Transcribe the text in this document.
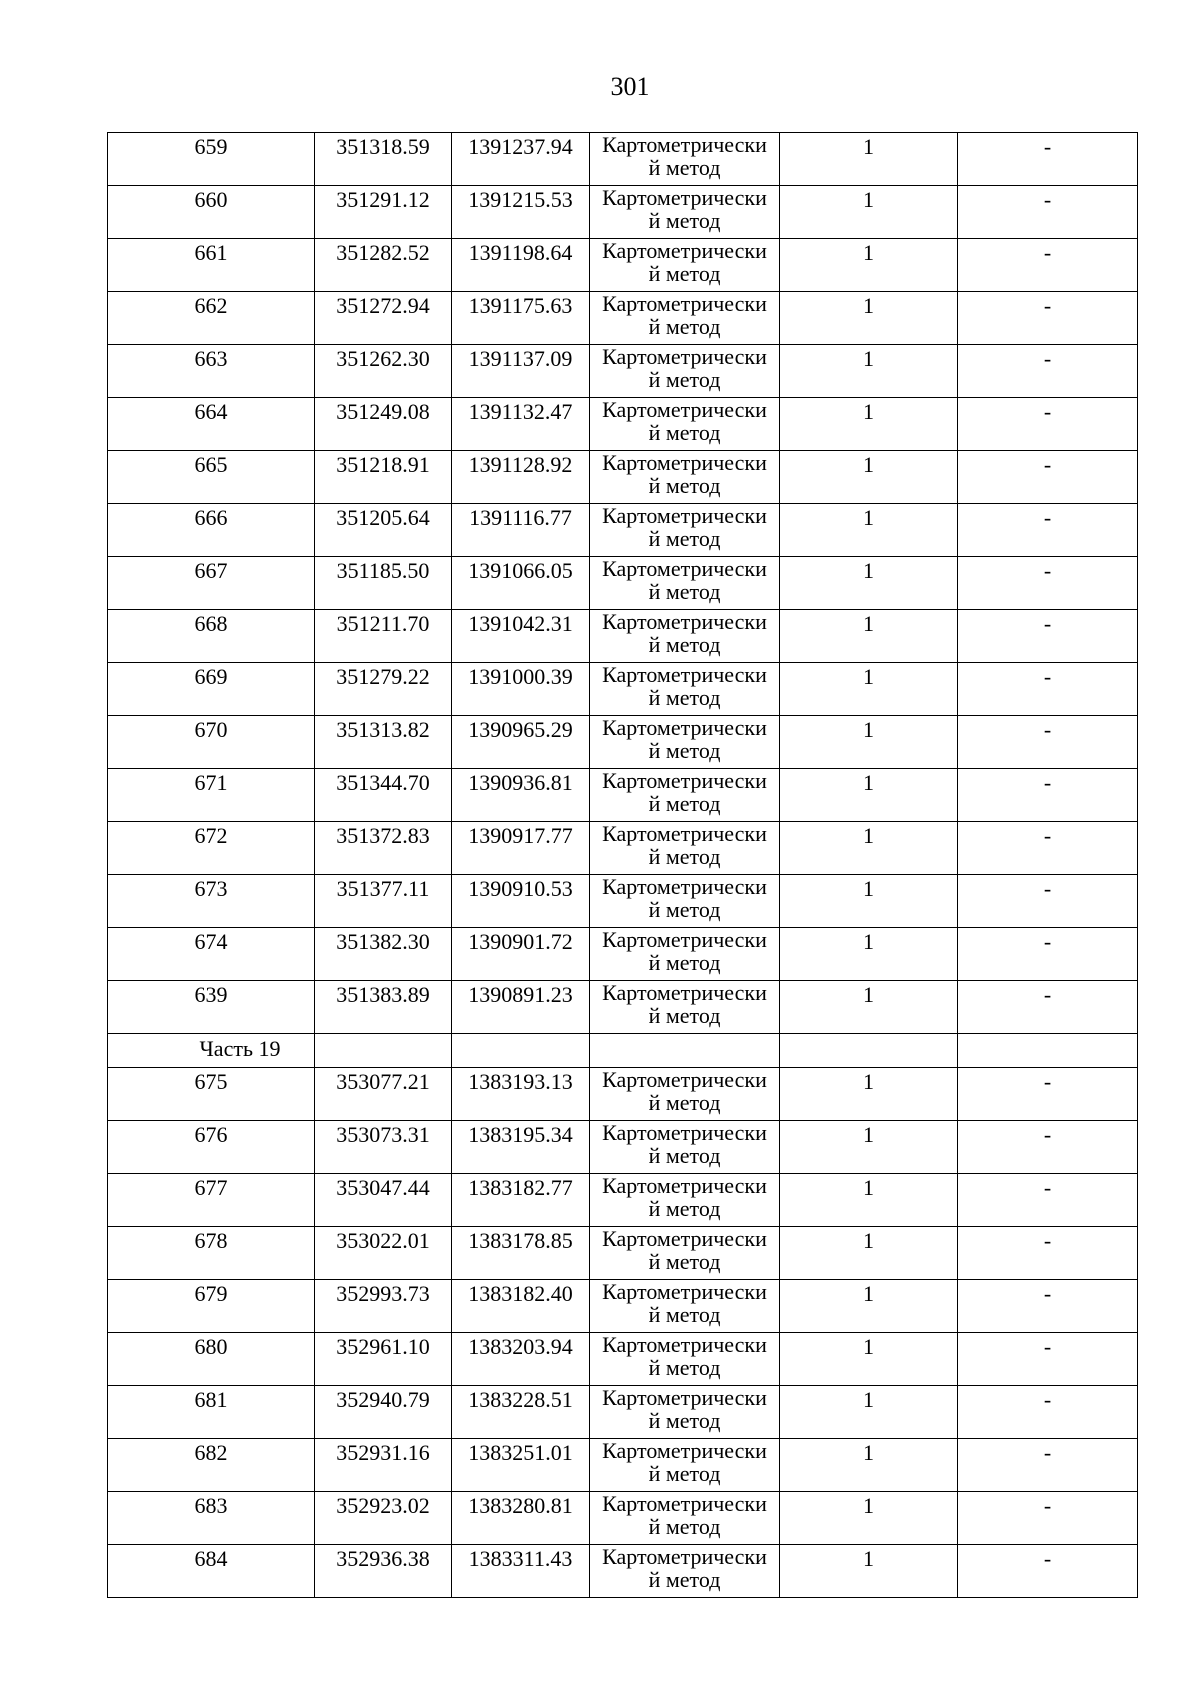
301
659	351318.59	1391237.94	Картометрически
й метод	1	-
660	351291.12	1391215.53	Картометрически
й метод	1	-
661	351282.52	1391198.64	Картометрически
й метод	1	-
662	351272.94	1391175.63	Картометрически
й метод	1	-
663	351262.30	1391137.09	Картометрически
й метод	1	-
664	351249.08	1391132.47	Картометрически
й метод	1	-
665	351218.91	1391128.92	Картометрически
й метод	1	-
666	351205.64	1391116.77	Картометрически
й метод	1	-
667	351185.50	1391066.05	Картометрически
й метод	1	-
668	351211.70	1391042.31	Картометрически
й метод	1	-
669	351279.22	1391000.39	Картометрически
й метод	1	-
670	351313.82	1390965.29	Картометрически
й метод	1	-
671	351344.70	1390936.81	Картометрически
й метод	1	-
672	351372.83	1390917.77	Картометрически
й метод	1	-
673	351377.11	1390910.53	Картометрически
й метод	1	-
674	351382.30	1390901.72	Картометрически
й метод	1	-
639	351383.89	1390891.23	Картометрически
й метод	1	-
Часть 19					
675	353077.21	1383193.13	Картометрически
й метод	1	-
676	353073.31	1383195.34	Картометрически
й метод	1	-
677	353047.44	1383182.77	Картометрически
й метод	1	-
678	353022.01	1383178.85	Картометрически
й метод	1	-
679	352993.73	1383182.40	Картометрически
й метод	1	-
680	352961.10	1383203.94	Картометрически
й метод	1	-
681	352940.79	1383228.51	Картометрически
й метод	1	-
682	352931.16	1383251.01	Картометрически
й метод	1	-
683	352923.02	1383280.81	Картометрически
й метод	1	-
684	352936.38	1383311.43	Картометрически
й метод	1	-
